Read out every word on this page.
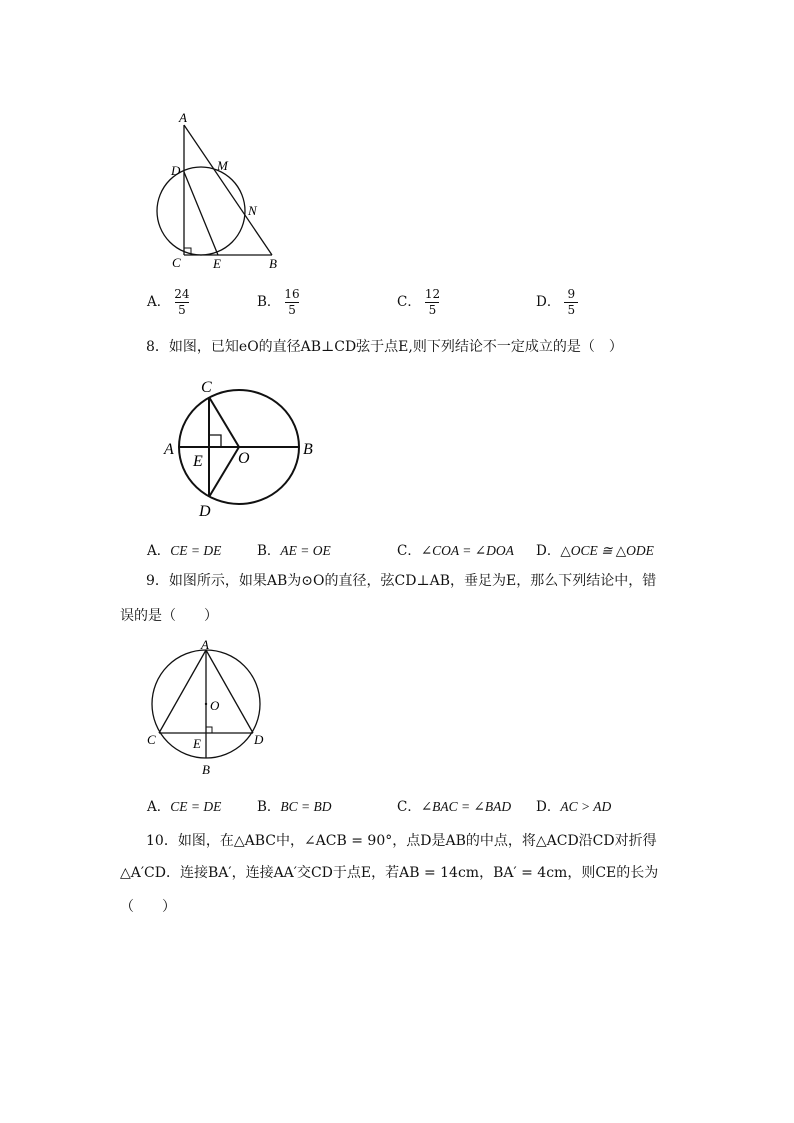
A
D	M
N
C E	B
A． $\frac{24}{5}$	B． $\frac{16}{5}$	C． $\frac{12}{5}$	D． $\frac{9}{5}$
8．如图，已知eO的直径AB⊥CD弦于点E,则下列结论不一定成立的是（　）
C
A
E O
B
D
A．CE = DE	B．AE = OE	C．∠COA = ∠DOA D．△OCE ≅ △ODE
9．如图所示，如果AB为⊙O的直径，弦CD⊥AB，垂足为E，那么下列结论中，错
误的是（　　）
A
O
C	E	D
B
A．CE = DE	B．BC = BD	C．∠BAC = ∠BAD D．AC > AD
10．如图，在△ABC中，∠ACB = 90°，点D是AB的中点，将△ACD沿CD对折得
△A′CD．连接BA′，连接AA′交CD于点E，若AB = 14cm，BA′ = 4cm，则CE的长为
（　　）
